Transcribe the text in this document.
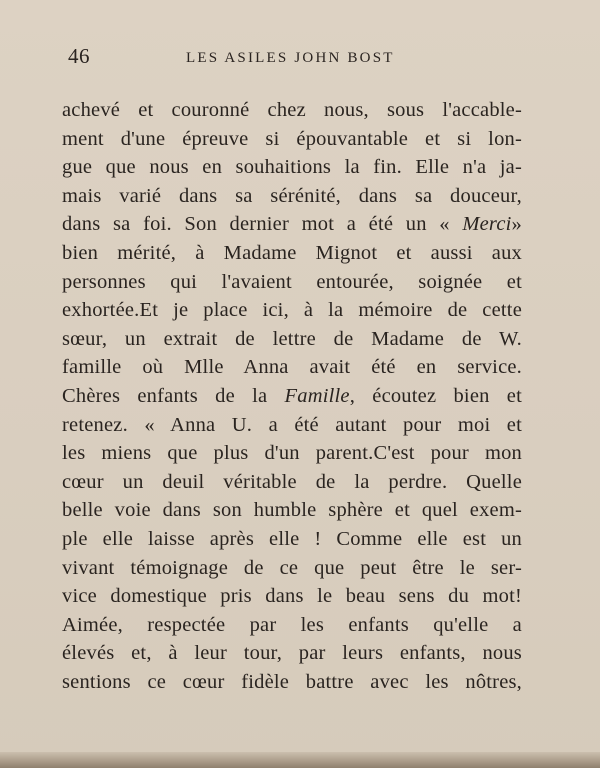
46	LES ASILES JOHN BOST
achevé et couronné chez nous, sous l'accable-
ment d'une épreuve si épouvantable et si lon-
gue que nous en souhaitions la fin. Elle n'a ja-
mais varié dans sa sérénité, dans sa douceur,
dans sa foi. Son dernier mot a été un « Merci»
bien mérité, à Madame Mignot et aussi aux
personnes qui l'avaient entourée, soignée et
exhortée.Et je place ici, à la mémoire de cette
sœur, un extrait de lettre de Madame de W.
famille où Mlle Anna avait été en service.
Chères enfants de la Famille, écoutez bien et
retenez. « Anna U. a été autant pour moi et
les miens que plus d'un parent.C'est pour mon
cœur un deuil véritable de la perdre. Quelle
belle voie dans son humble sphère et quel exem-
ple elle laisse après elle ! Comme elle est un
vivant témoignage de ce que peut être le ser-
vice domestique pris dans le beau sens du mot!
Aimée, respectée par les enfants qu'elle a
élevés et, à leur tour, par leurs enfants, nous
sentions ce cœur fidèle battre avec les nôtres,
